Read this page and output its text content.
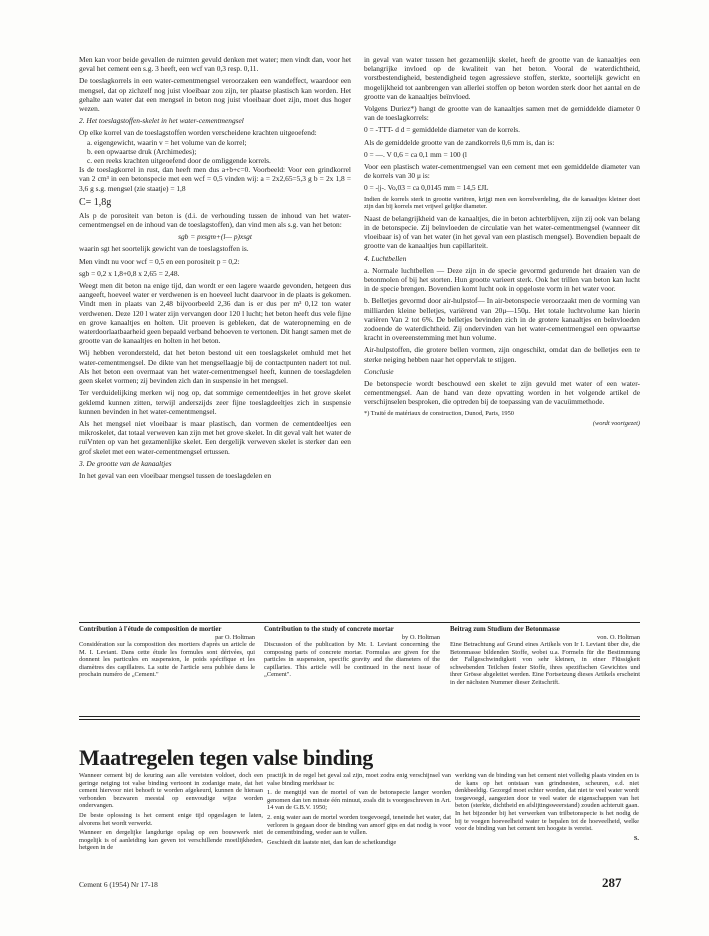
Men kan voor beide gevallen de ruimten gevuld denken met water; men vindt dan, voor het geval het cement een s.g. 3 heeft, een wcf van 0,3 resp. 0,11.

De toeslagkorrels in een water-cementmengsel veroorzaken een wandeffect, waardoor een mengsel, dat op zichzelf nog juist vloeibaar zou zijn, ter plaatse plastisch kan worden. Het gehalte aan water dat een mengsel in beton nog juist vloeibaar doet zijn, moet dus hoger wezen.

2. Het toeslagstoffen-skelet in het water-cementmengsel

Op elke korrel van de toeslagstoffen worden verscheidene krachten uitgeoefend:

a. eigengewicht, waarin v = het volume van de korrel;
b. een opwaartse druk (Archimedes);
c. een reeks krachten uitgeoefend door de omliggende korrels.

Is de toeslagkorrel in rust, dan heeft men dus a+b+c=0. Voorbeeld: Voor een grindkorrel van 2 cm³ in een betonspecie met een wcf = 0,5 vinden wij: a = 2x2,65=5,3 g b = 2x 1,8 = 3,6 g s.g. mengsel (zie staatje) = 1,8

C= 1,8g

Als p de porositeit van beton is (d.i. de verhouding tussen de inhoud van het water-cementmengsel en de inhoud van de toeslagstoffen), dan vind men als s.g. van het beton:

sgb = pxsgm+(l— p)xsgt

waarin sgt het soortelijk gewicht van de toeslagstoffen is.

Men vindt nu voor wcf = 0,5 en een porositeit p = 0,2:

sgb = 0,2 x 1,8+0,8 x 2,65 = 2,48.

Weegt men dit beton na enige tijd, dan wordt er een lagere waarde gevonden, hetgeen dus aangeeft, hoeveel water er verdwenen is en hoeveel lucht daarvoor in de plaats is gekomen. Vindt men in plaats van 2,48 bijvoorbeeld 2,36 dan is er dus per m³ 0,12 ton water verdwenen. Deze 120 l water zijn vervangen door 120 l lucht; het beton heeft dus vele fijne en grove kanaaltjes en holten. Uit proeven is gebleken, dat de wateropneming en de waterdoorlaatbaarheid geen bepaald verband behoeven te vertonen. Dit hangt samen met de grootte van de kanaaltjes en holten in het beton.

Wij hebben verondersteld, dat het beton bestond uit een toeslagskelet omhuld met het water-cementmengsel. De dikte van het mengsellaagje bij de contactpunten nadert tot nul. Als het beton een overmaat van het water-cementmengsel heeft, kunnen de toeslagdelen geen skelet vormen; zij bevinden zich dan in suspensie in het mengsel.

Ter verduidelijking merken wij nog op, dat sommige cementdeeltjes in het grove skelet geklemd kunnen zitten, terwijl anderszijds zeer fijne toeslagdeeltjes zich in suspensie kunnen bevinden in het water-cementmengsel.

Als het mengsel niet vloeibaar is maar plastisch, dan vormen de cementdeeltjes een mikroskelet, dat totaal verweven kan zijn met het grove skelet. In dit geval valt het water de ruiVnten op van het gezamenlijke skelet. Een dergelijk verweven skelet is sterker dan een grof skelet met een water-cementmengsel ertussen.

3. De grootte van de kanaaltjes

In het geval van een vloeibaar mengsel tussen de toeslagdelen en

in geval van water tussen het gezamenlijk skelet, heeft de grootte van de kanaaltjes een belangrijke invloed op de kwaliteit van het beton. Vooral de waterdichtheid, vorstbestendigheid, bestendigheid tegen agressieve stoffen, sterkte, soortelijk gewicht en mogelijkheid tot aanbrengen van allerlei stoffen op beton worden sterk door het aantal en de grootte van de kanaaltjes beïnvloed.

Volgens Duriez*) hangt de grootte van de kanaaltjes samen met de gemiddelde diameter 0 van de toeslagkorrels:

0 = -TTT- d d = gemiddelde diameter van de korrels.

Als de gemiddelde grootte van de zandkorrels 0,6 mm is, dan is:

0 = —. V 0,6 = ca 0,1 mm = 100 (l

Voor een plastisch water-cementmengsel van een cement met een gemiddelde diameter van de korrels van 30 μ is:

0 = -|j-. Vo,03 = ca 0,0145 mm = 14,5 £JL

Indien de korrels sterk in grootte variëren, krijgt men een korrelverdeling, die de kanaaltjes kleiner doet zijn dan bij korrels met vrijwel gelijke diameter.

Naast de belangrijkheid van de kanaaltjes, die in beton achterblijven, zijn zij ook van belang in de betonspecie. Zij beïnvloeden de circulatie van het water-cementmengsel (wanneer dit vloeibaar is) of van het water (in het geval van een plastisch mengsel). Bovendien bepaalt de grootte van de kanaaltjes hun capillariteit.

4. Luchtbellen

a. Normale luchtbellen — Deze zijn in de specie gevormd gedurende het draaien van de betonmolen of bij het storten. Hun grootte varieert sterk. Ook het trillen van beton kan lucht in de specie brengen. Bovendien komt lucht ook in opgeloste vorm in het water voor.

b. Belletjes gevormd door air-hulpstof— In air-betonspecie veroorzaakt men de vorming van milliarden kleine belletjes, variërend van 20μ—150μ. Het totale luchtvolume kan hierin variëren Van 2 tot 6%. De belletjes bevinden zich in de grotere kanaaltjes en beïnvloeden zodoende de waterdichtheid. Zij ondervinden van het water-cementmengsel een opwaartse kracht in overeenstemming met hun volume.

Air-hulpstoffen, die grotere bellen vormen, zijn ongeschikt, omdat dan de belletjes een te sterke neiging hebben naar het oppervlak te stijgen.

Conclusie

De betonspecie wordt beschouwd een skelet te zijn gevuld met water of een water-cementmengsel. Aan de hand van deze opvatting worden in het volgende artikel de verschijnselen besproken, die optreden bij de toepassing van de vacuümmethode.

*) Traité de matériaux de construction, Dunod, Paris, 1950

(wordt voortgezet)

Contribution à l'étude de composition de mortier
par O. Holtman
Considération sur la composition des mortiers d'après un article de M. I. Leviant. Dans cette étude les formules sont dérivées, qui donnent les particules en suspension, le poids spécifique et les diamètres des capillaires. La suite de l'article sera publiée dans le prochain numéro de „Cement."
Contribution to the study of concrete mortar
by O. Holtman
Discussion of the publication by Mr. I. Leviant concerning the composing parts of concrete mortar. Formulas are given for the particles in suspension, specific gravity and the diameters of the capillaries. This article will be continued in the next issue of „Cement".
Beitrag zum Studium der Betonmasse
von. O. Holtman
Eine Betrachtung auf Grund eines Artikels von Ir I. Leviant über die, die Betonmasse bildenden Stoffe, wobei u.a. Formeln für die Bestimmung der Fallgeschwindigkeit von sehr kleinen, in einer Flüssigkeit schwebenden Teilchen fester Stoffe, ihres spezifischen Gewichtes und ihrer Grösse abgeleitet werden. Eine Fortsetzung dieses Artikels erscheint in der nächsten Nummer dieser Zeitschrift.
Maatregelen tegen valse binding

Wanneer cement bij de keuring aan alle vereisten voldoet, doch een geringe neiging tot valse binding vertoont in zodanige mate, dat het cement hiervoor niet behoeft te worden afgekeurd, kunnen de hieraan verbonden bezwaren meestal op eenvoudige wijze worden ondervangen.

De beste oplossing is het cement enige tijd opgeslagen te laten, alvorens het wordt verwerkt.

Wanneer en dergelijke langdurige opslag op een bouwwerk niet mogelijk is of aanleiding kan geven tot verschillende moeilijkheden, hetgeen in de

practijk in de regel het geval zal zijn, moet zodra enig verschijnsel van valse binding merkbaar is:

1. de mengtijd van de mortel of van de betonspecie langer worden genomen dan ten minste één minuut, zoals dit is voorgeschreven in Art. 14 van de G.B.V. 1950;

2. enig water aan de mortel worden toegevoegd, teneinde het water, dat verloren is gegaan door de binding van amorf gips en dat nodig is voor de cementbinding, weder aan te vullen.

Geschiedt dit laatste niet, dan kan de scheikundige

werking van de binding van het cement niet volledig plaats vinden en is de kans op het ontstaan van grindnesten, scheuren, e.d. niet denkbeeldig. Gezorgd moet echter worden, dat niet te veel water wordt toegevoegd, aangezien door te veel water de eigenschappen van het beton (sterkte, dichtheid en afslijtingsweerstand) zouden achteruit gaan. In het bijzonder bij het verwerken van trilbetonspecie is het nodig de bij te voegen hoeveelheid water te bepalen tot de hoeveelheid, welke voor de binding van het cement ten hoogste is vereist.

S.

Cement 6 (1954) Nr 17-18	287
